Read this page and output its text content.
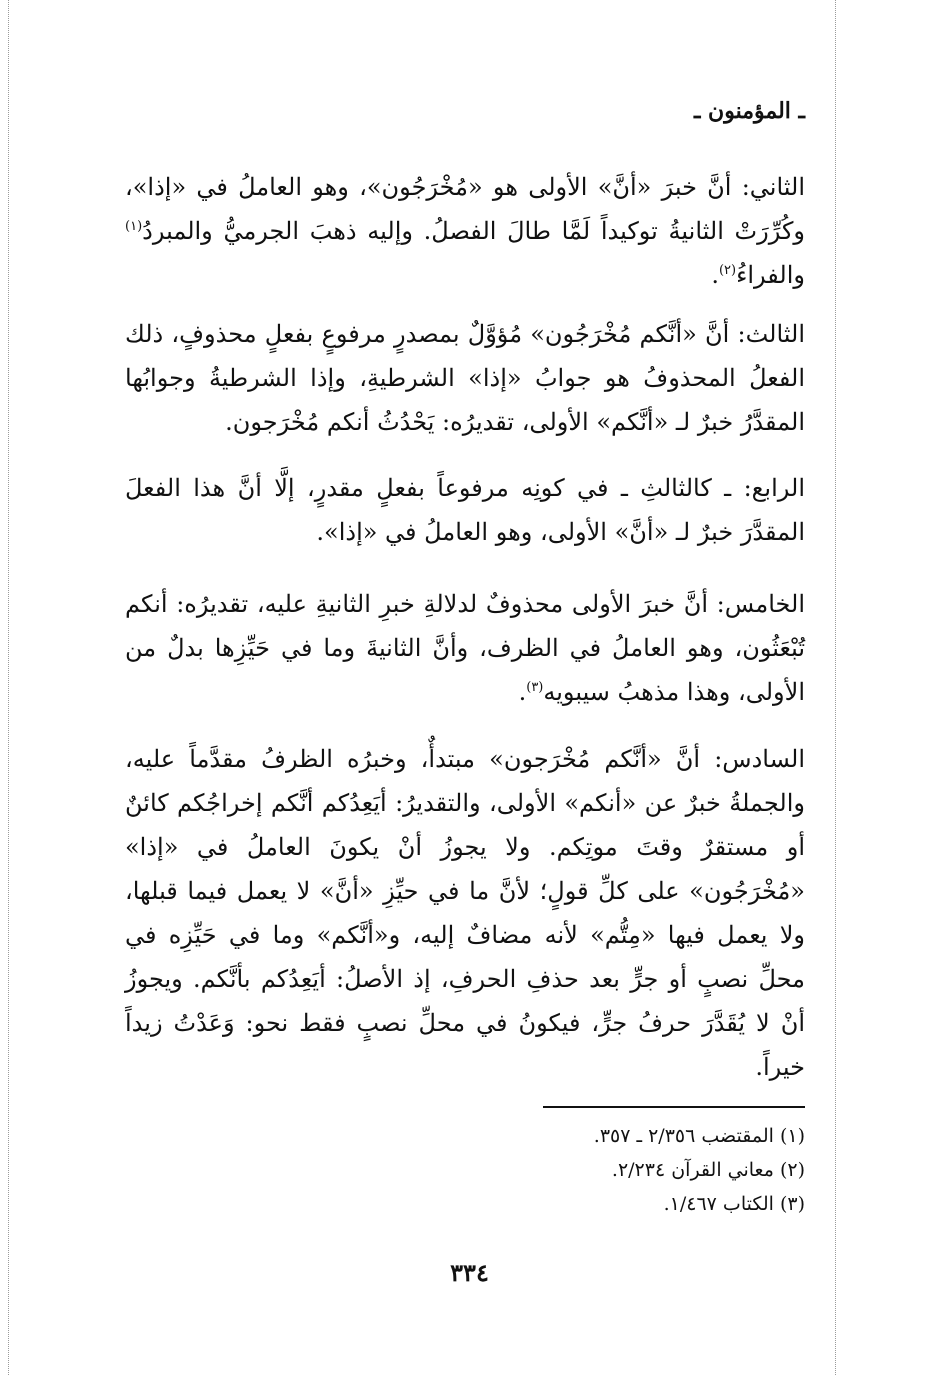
ـ المؤمنون ـ

الثاني: أنَّ خبرَ «أنَّ» الأولى هو «مُخْرَجُون»، وهو العاملُ في «إذا»، وكُرِّرَتْ الثانيةُ توكيداً لَمَّا طالَ الفصلُ. وإليه ذهبَ الجرميُّ والمبردُ$^{(١)}$ والفراءُ$^{(٢)}$.

الثالث: أنَّ «أنَّكم مُخْرَجُون» مُؤوَّلٌ بمصدرٍ مرفوعٍ بفعلٍ محذوفٍ، ذلك الفعلُ المحذوفُ هو جوابُ «إذا» الشرطيةِ، وإذا الشرطيةُ وجوابُها المقدَّرُ خبرٌ لـ «أنَّكم» الأولى، تقديرُه: يَحْدُثُ أنكم مُخْرَجون.

الرابع: ـ كالثالثِ ـ في كونِه مرفوعاً بفعلٍ مقدرٍ، إلَّا أنَّ هذا الفعلَ المقدَّرَ خبرٌ لـ «أنَّ» الأولى، وهو العاملُ في «إذا».

الخامس: أنَّ خبرَ الأولى محذوفٌ لدلالةِ خبرِ الثانيةِ عليه، تقديرُه: أنكم تُبْعَثُون، وهو العاملُ في الظرف، وأنَّ الثانيةَ وما في حَيِّزِها بدلٌ من الأولى، وهذا مذهبُ سيبويه$^{(٣)}$.

السادس: أنَّ «أنَّكم مُخْرَجون» مبتدأٌ، وخبرُه الظرفُ مقدَّماً عليه، والجملةُ خبرٌ عن «أنكم» الأولى، والتقديرُ: أيَعِدُكم أنَّكم إخراجُكم كائنٌ أو مستقرٌ وقتَ موتِكم. ولا يجوزُ أنْ يكونَ العاملُ في «إذا» «مُخْرَجُون» على كلِّ قولٍ؛ لأنَّ ما في حيِّزِ «أنَّ» لا يعمل فيما قبلها، ولا يعمل فيها «مِتُّم» لأنه مضافٌ إليه، و«أنَّكم» وما في حَيِّزِه في محلِّ نصبٍ أو جرٍّ بعد حذفِ الحرفِ، إذ الأصلُ: أيَعِدُكم بأنَّكم. ويجوزُ أنْ لا يُقَدَّرَ حرفُ جرٍّ، فيكونُ في محلِّ نصبٍ فقط نحو: وَعَدْتُ زيداً خيراً.

(١) المقتضب ٢/٣٥٦ ـ ٣٥٧.
(٢) معاني القرآن ٢/٢٣٤.
(٣) الكتاب ١/٤٦٧.
٣٣٤
